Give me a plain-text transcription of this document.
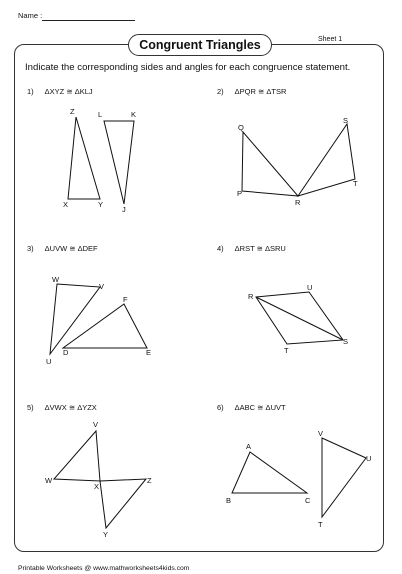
Name :
Sheet 1
Congruent Triangles
Indicate the corresponding sides and angles for each congruence statement.
1) ΔXYZ ≅ ΔKLJ	2) ΔPQR ≅ ΔTSR
3) ΔUVW ≅ ΔDEF	4) ΔRST ≅ ΔSRU
5) ΔVWX ≅ ΔYZX	6) ΔABC ≅ ΔUVT
Z
X	Y
L	K
J
Q
P
R
S
T
W
V
U
F
D	E
R
U
S
T
V
W
X
Z
Y
A
B	C
V
U
T
Printable Worksheets @ www.mathworksheets4kids.com
